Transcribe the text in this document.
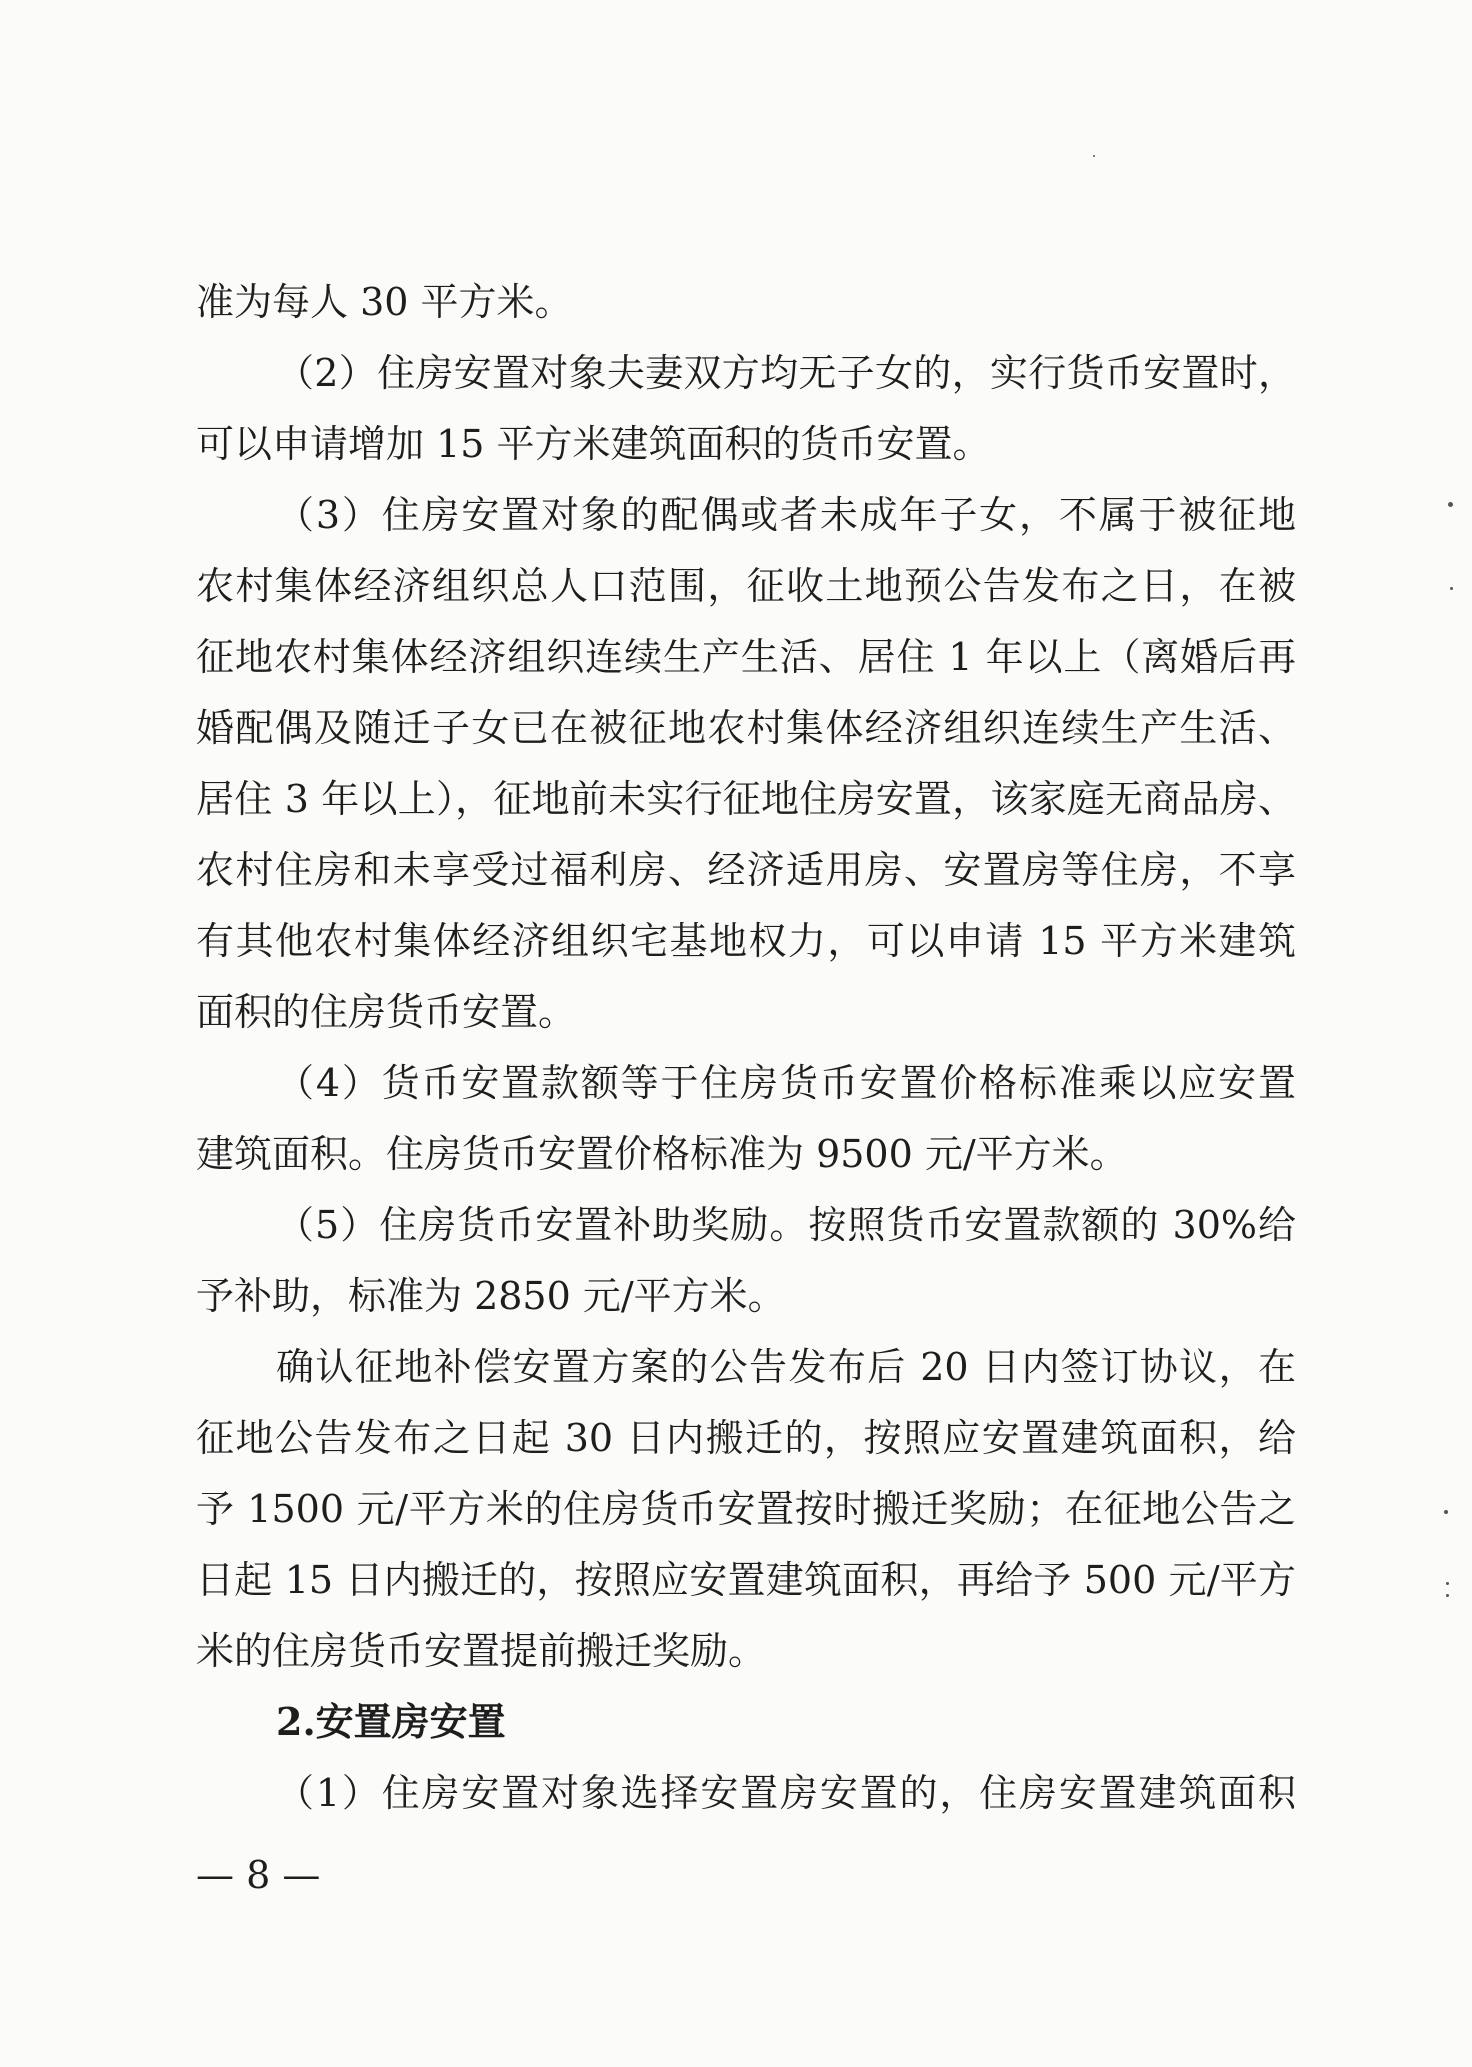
准为每人 30 平方米。
（2）住房安置对象夫妻双方均无子女的，实行货币安置时，
可以申请增加 15 平方米建筑面积的货币安置。
（3）住房安置对象的配偶或者未成年子女，不属于被征地
农村集体经济组织总人口范围，征收土地预公告发布之日，在被
征地农村集体经济组织连续生产生活、居住 1 年以上（离婚后再
婚配偶及随迁子女已在被征地农村集体经济组织连续生产生活、
居住 3 年以上），征地前未实行征地住房安置，该家庭无商品房、
农村住房和未享受过福利房、经济适用房、安置房等住房，不享
有其他农村集体经济组织宅基地权力，可以申请 15 平方米建筑
面积的住房货币安置。
（4）货币安置款额等于住房货币安置价格标准乘以应安置
建筑面积。住房货币安置价格标准为 9500 元/平方米。
（5）住房货币安置补助奖励。按照货币安置款额的 30%给
予补助，标准为 2850 元/平方米。
确认征地补偿安置方案的公告发布后 20 日内签订协议，在
征地公告发布之日起 30 日内搬迁的，按照应安置建筑面积，给
予 1500 元/平方米的住房货币安置按时搬迁奖励；在征地公告之
日起 15 日内搬迁的，按照应安置建筑面积，再给予 500 元/平方
米的住房货币安置提前搬迁奖励。
2.安置房安置
（1）住房安置对象选择安置房安置的，住房安置建筑面积
— 8 —
